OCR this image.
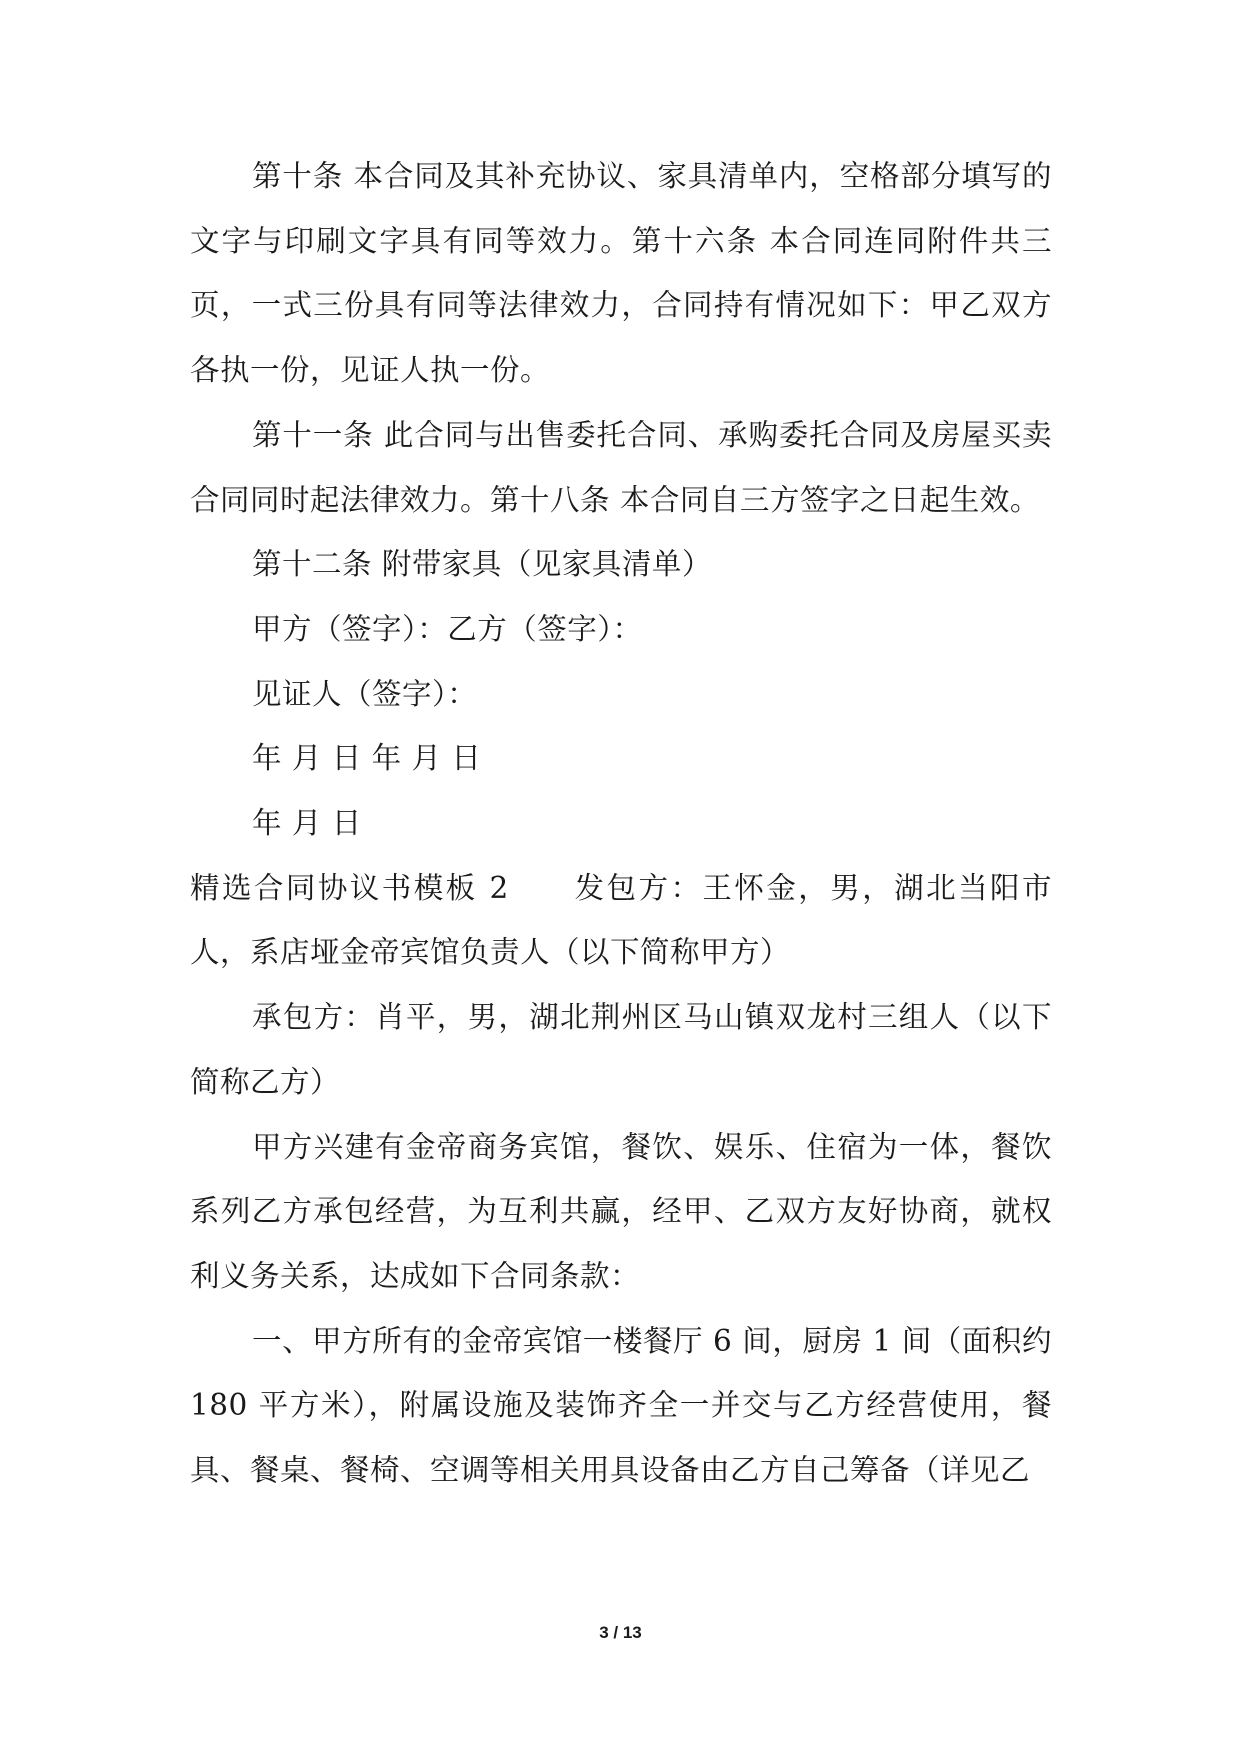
第十条 本合同及其补充协议、家具清单内，空格部分填写的文字与印刷文字具有同等效力。第十六条 本合同连同附件共三页，一式三份具有同等法律效力，合同持有情况如下：甲乙双方各执一份，见证人执一份。

第十一条 此合同与出售委托合同、承购委托合同及房屋买卖合同同时起法律效力。第十八条 本合同自三方签字之日起生效。

第十二条 附带家具（见家具清单）

甲方（签字）：乙方（签字）：

见证人（签字）：

年 月 日 年 月 日

年 月 日

精选合同协议书模板 2　　发包方：王怀金，男，湖北当阳市人，系店垭金帝宾馆负责人（以下简称甲方）

承包方：肖平，男，湖北荆州区马山镇双龙村三组人（以下简称乙方）

甲方兴建有金帝商务宾馆，餐饮、娱乐、住宿为一体，餐饮系列乙方承包经营，为互利共赢，经甲、乙双方友好协商，就权利义务关系，达成如下合同条款：

一、甲方所有的金帝宾馆一楼餐厅 6 间，厨房 1 间（面积约180 平方米），附属设施及装饰齐全一并交与乙方经营使用，餐具、餐桌、餐椅、空调等相关用具设备由乙方自己筹备（详见乙

3 / 13
